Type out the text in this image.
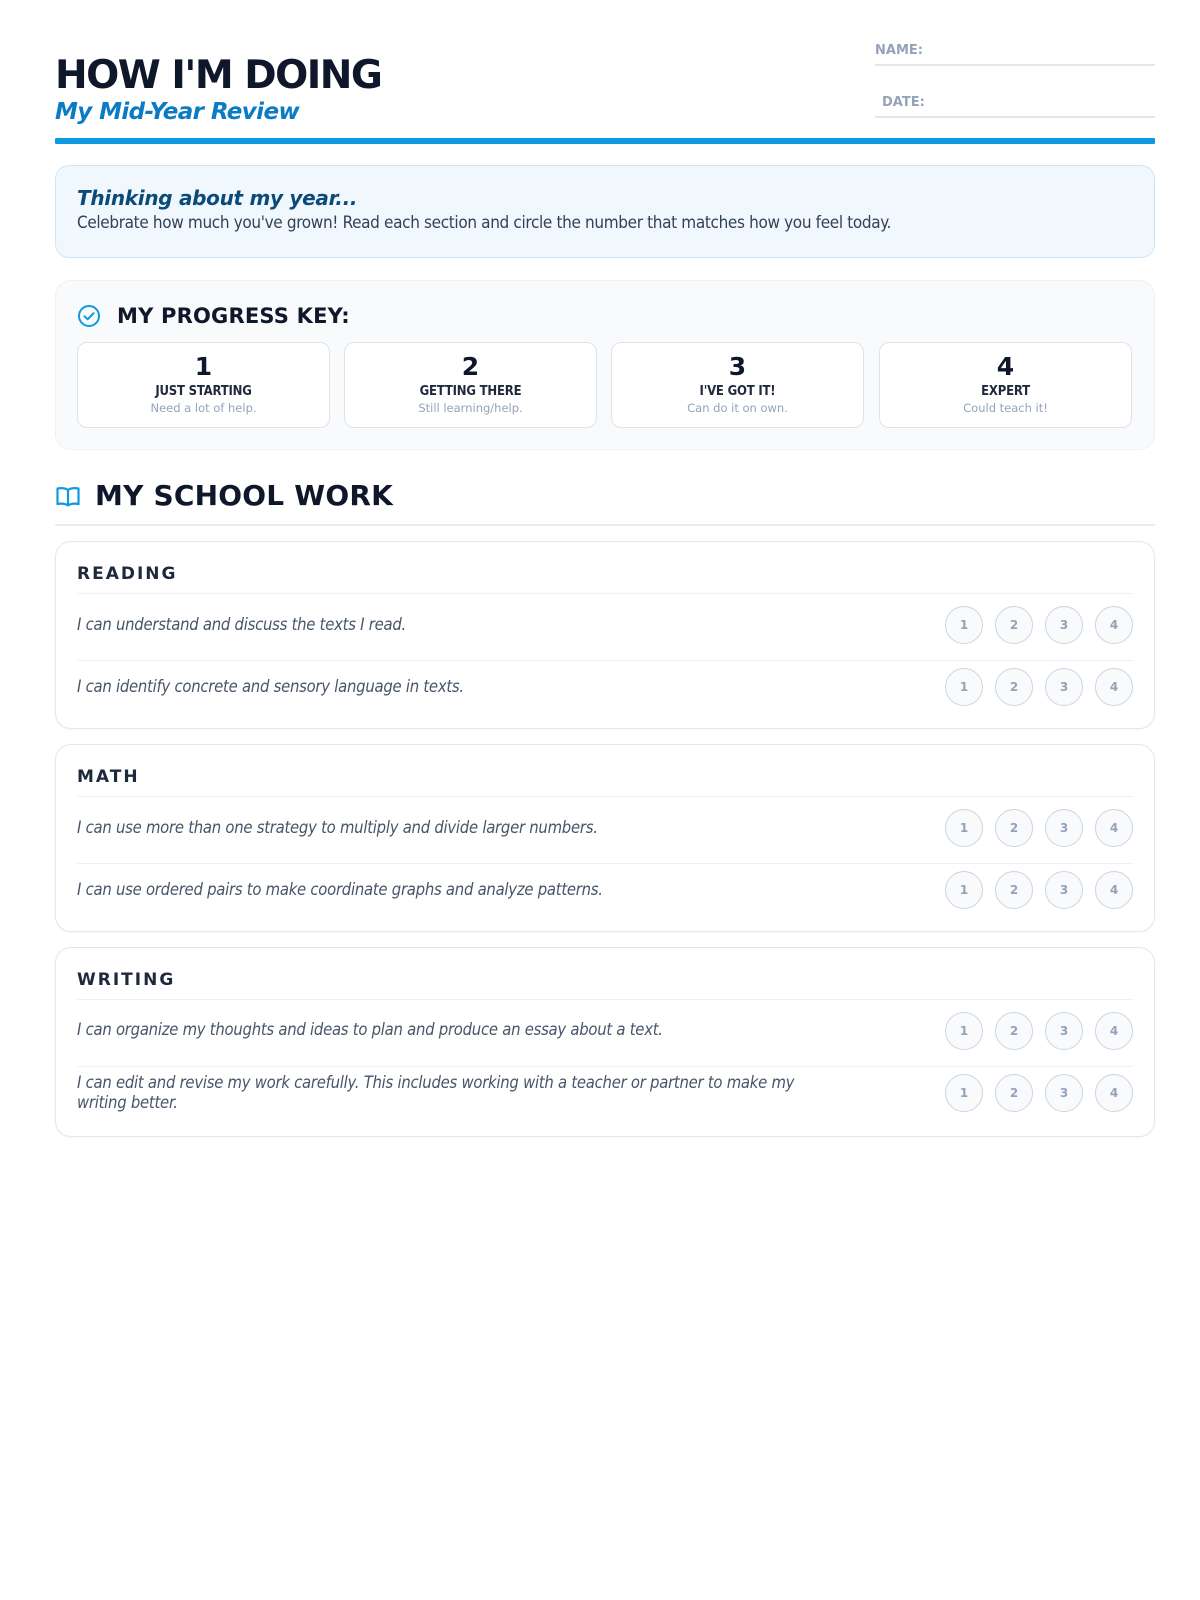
HOW I'M DOING
My Mid-Year Review
NAME:
DATE:
Thinking about my year...
Celebrate how much you've grown! Read each section and circle the number that matches how you feel today.
MY PROGRESS KEY:
1
JUST STARTING
Need a lot of help.
2
GETTING THERE
Still learning/help.
3
I'VE GOT IT!
Can do it on own.
4
EXPERT
Could teach it!
MY SCHOOL WORK
READING
I can understand and discuss the texts I read.	1	2	3	4
I can identify concrete and sensory language in texts.	1	2	3	4
MATH
I can use more than one strategy to multiply and divide larger numbers.	1	2	3	4
I can use ordered pairs to make coordinate graphs and analyze patterns.	1	2	3	4
WRITING
I can organize my thoughts and ideas to plan and produce an essay about a text.	1	2	3	4
I can edit and revise my work carefully. This includes working with a teacher or partner to make my writing better.	1	2	3	4
